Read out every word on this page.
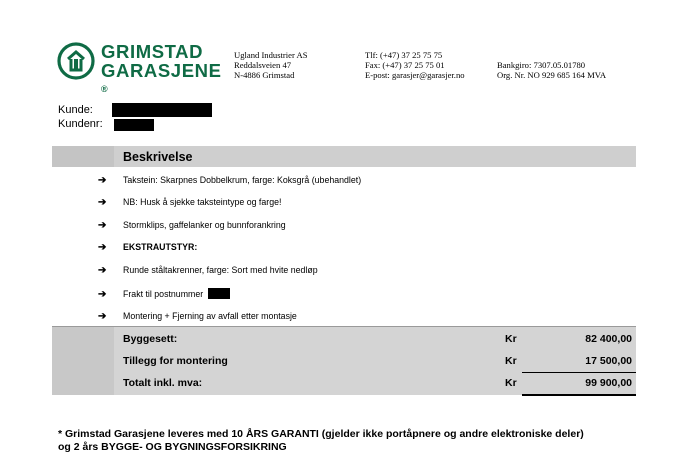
GRIMSTAD
GARASJENE
®
Ugland Industrier AS
Reddalsveien 47
N-4886 Grimstad
Tlf: (+47) 37 25 75 75
Fax: (+47) 37 25 75 01
E-post: garasjer@garasjer.no
Bankgiro: 7307.05.01780
Org. Nr. NO 929 685 164 MVA
Kunde:
Kundenr:
Beskrivelse
➔ Takstein: Skarpnes Dobbelkrum, farge: Koksgrå (ubehandlet)
➔ NB: Husk å sjekke taksteintype og farge!
➔ Stormklips, gaffelanker og bunnforankring
➔ EKSTRAUTSTYR:
➔ Runde ståltakrenner, farge: Sort med hvite nedløp
➔ Frakt til postnummer
➔ Montering + Fjerning av avfall etter montasje
Byggesett:	Kr	82 400,00
Tillegg for montering	Kr	17 500,00
Totalt inkl. mva:	Kr	99 900,00
* Grimstad Garasjene leveres med 10 ÅRS GARANTI (gjelder ikke portåpnere og andre elektroniske deler)
og 2 års BYGGE- OG BYGNINGSFORSIKRING
